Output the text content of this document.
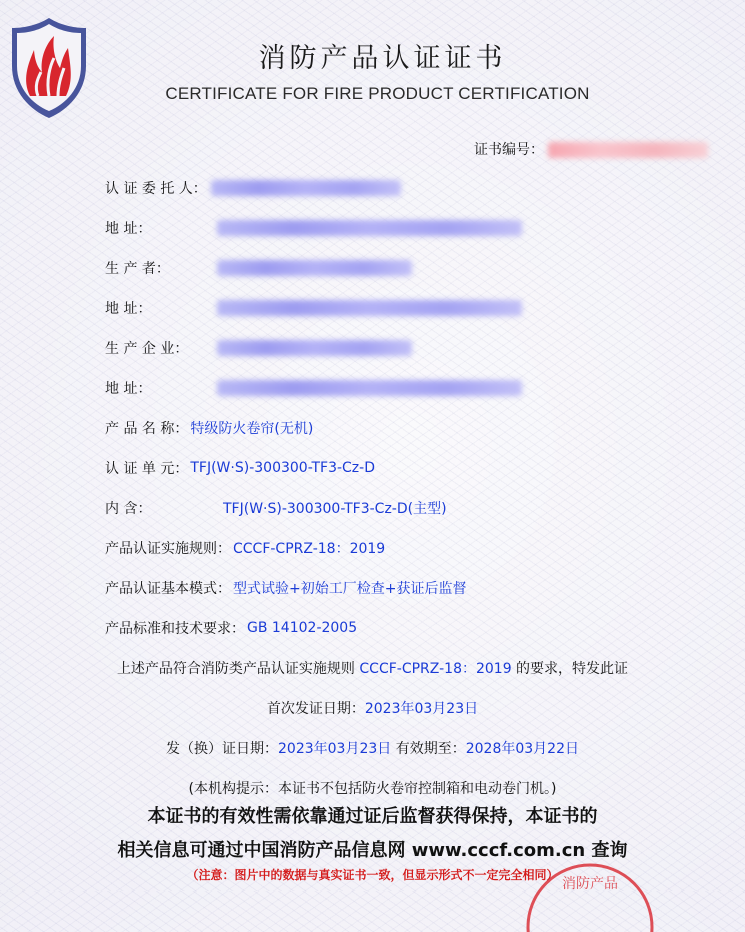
消防产品认证证书
CERTIFICATE FOR FIRE PRODUCT CERTIFICATION
证书编号：
认 证 委 托 人：
地 址：
生 产 者：
地 址：
生 产 企 业：
地 址：
产 品 名 称： 特级防火卷帘(无机)
认 证 单 元： TFJ(W·S)-300300-TF3-Cz-D
内 含：	TFJ(W·S)-300300-TF3-Cz-D(主型)
产品认证实施规则： CCCF-CPRZ-18：2019
产品认证基本模式： 型式试验+初始工厂检查+获证后监督
产品标准和技术要求： GB 14102-2005
上述产品符合消防类产品认证实施规则 CCCF-CPRZ-18：2019 的要求，特发此证
首次发证日期：2023年03月23日
发（换）证日期：2023年03月23日 有效期至：2028年03月22日
(本机构提示：本证书不包括防火卷帘控制箱和电动卷门机。)
本证书的有效性需依靠通过证后监督获得保持，本证书的
相关信息可通过中国消防产品信息网 www.cccf.com.cn 查询
消防产品
（注意：图片中的数据与真实证书一致，但显示形式不一定完全相同）
